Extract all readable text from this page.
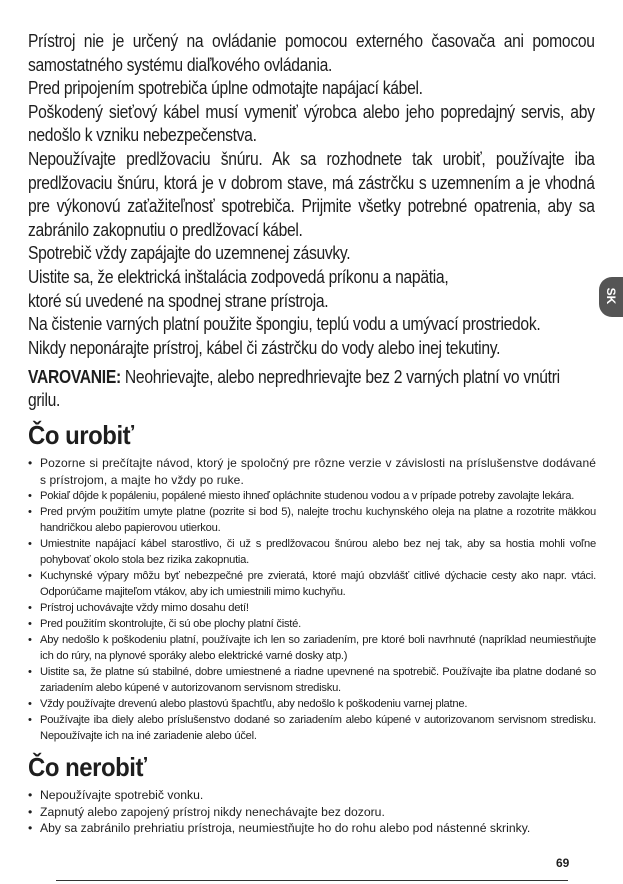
Prístroj nie je určený na ovládanie pomocou externého časovača ani pomocou samostatného systému diaľkového ovládania.

Pred pripojením spotrebiča úplne odmotajte napájací kábel.

Poškodený sieťový kábel musí vymeniť výrobca alebo jeho popredajný servis, aby nedošlo k vzniku nebezpečenstva.

Nepoužívajte predlžovaciu šnúru. Ak sa rozhodnete tak urobiť, používajte iba predlžovaciu šnúru, ktorá je v dobrom stave, má zástrčku s uzemnením a je vhodná pre výkonovú zaťažiteľnosť spotrebiča. Prijmite všetky potrebné opatrenia, aby sa zabránilo zakopnutiu o predlžovací kábel.

Spotrebič vždy zapájajte do uzemnenej zásuvky.

Uistite sa, že elektrická inštalácia zodpovedá príkonu a napätia,

ktoré sú uvedené na spodnej strane prístroja.

Na čistenie varných platní použite špongiu, teplú vodu a umývací prostriedok.

Nikdy neponárajte prístroj, kábel či zástrčku do vody alebo inej tekutiny.

VAROVANIE: Neohrievajte, alebo nepredhrievajte bez 2 varných platní vo vnútri grilu.
Čo urobiť
• Pozorne si prečítajte návod, ktorý je spoločný pre rôzne verzie v závislosti na príslušenstve dodávané s prístrojom, a majte ho vždy po ruke.
• Pokiaľ dôjde k popáleniu, popálené miesto ihneď opláchnite studenou vodou a v prípade potreby zavolajte lekára.
• Pred prvým použitím umyte platne (pozrite si bod 5), nalejte trochu kuchynského oleja na platne a rozotrite mäkkou handričkou alebo papierovou utierkou.
• Umiestnite napájací kábel starostlivo, či už s predlžovacou šnúrou alebo bez nej tak, aby sa hostia mohli voľne pohybovať okolo stola bez rizika zakopnutia.
• Kuchynské výpary môžu byť nebezpečné pre zvieratá, ktoré majú obzvlášť citlivé dýchacie cesty ako napr. vtáci. Odporúčame majiteľom vtákov, aby ich umiestnili mimo kuchyňu.
• Prístroj uchovávajte vždy mimo dosahu detí!
• Pred použitím skontrolujte, či sú obe plochy platní čisté.
• Aby nedošlo k poškodeniu platní, používajte ich len so zariadením, pre ktoré boli navrhnuté (napríklad neumiestňujte ich do rúry, na plynové sporáky alebo elektrické varné dosky atp.)
• Uistite sa, že platne sú stabilné, dobre umiestnené a riadne upevnené na spotrebič. Používajte iba platne dodané so zariadením alebo kúpené v autorizovanom servisnom stredisku.
• Vždy používajte drevenú alebo plastovú špachtľu, aby nedošlo k poškodeniu varnej platne.
• Používajte iba diely alebo príslušenstvo dodané so zariadením alebo kúpené v autorizovanom servisnom stredisku. Nepoužívajte ich na iné zariadenie alebo účel.
Čo nerobiť
• Nepoužívajte spotrebič vonku.
• Zapnutý alebo zapojený prístroj nikdy nenechávajte bez dozoru.
• Aby sa zabránilo prehriatiu prístroja, neumiestňujte ho do rohu alebo pod nástenné skrinky.
SK
69
